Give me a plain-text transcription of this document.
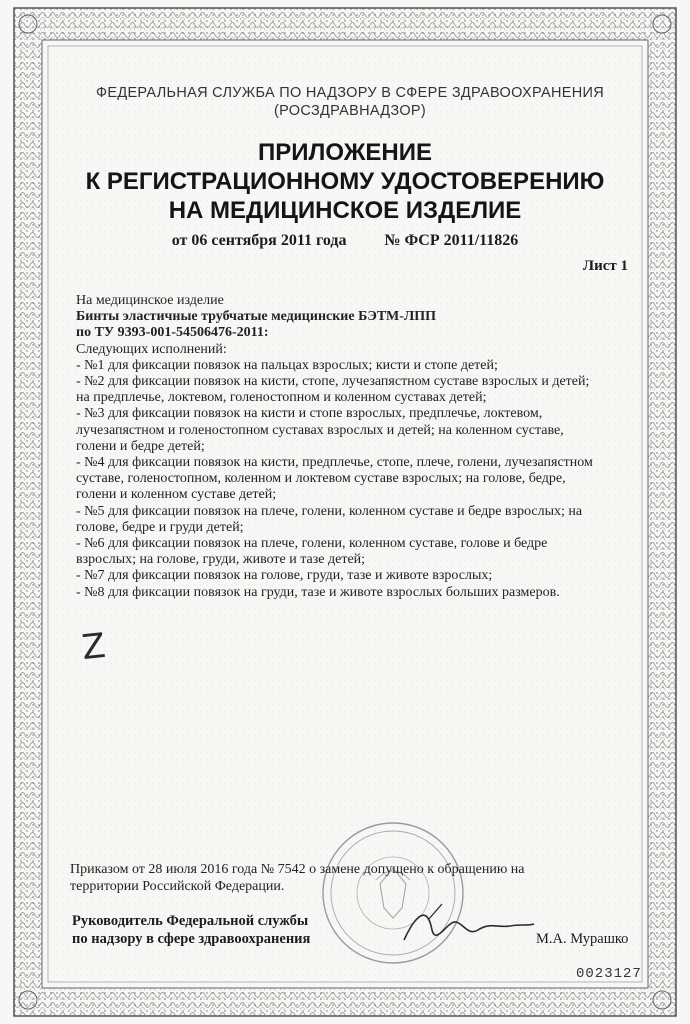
ФЕДЕРАЛЬНАЯ СЛУЖБА ПО НАДЗОРУ В СФЕРЕ ЗДРАВООХРАНЕНИЯ
(РОСЗДРАВНАДЗОР)
ПРИЛОЖЕНИЕ
К РЕГИСТРАЦИОННОМУ УДОСТОВЕРЕНИЮ
НА МЕДИЦИНСКОЕ ИЗДЕЛИЕ
от 06 сентября 2011 года № ФСР 2011/11826
Лист 1
На медицинское изделие
Бинты эластичные трубчатые медицинские БЭТМ-ЛПП
по ТУ 9393-001-54506476-2011:
Следующих исполнений:
- №1 для фиксации повязок на пальцах взрослых; кисти и стопе детей;
- №2 для фиксации повязок на кисти, стопе, лучезапястном суставе взрослых и детей;
на предплечье, локтевом, голеностопном и коленном суставах детей;
- №3 для фиксации повязок на кисти и стопе взрослых, предплечье, локтевом,
лучезапястном и голеностопном суставах взрослых и детей; на коленном суставе,
голени и бедре детей;
- №4 для фиксации повязок на кисти, предплечье, стопе, плече, голени, лучезапястном
суставе, голеностопном, коленном и локтевом суставе взрослых; на голове, бедре,
голени и коленном суставе детей;
- №5 для фиксации повязок на плече, голени, коленном суставе и бедре взрослых; на
голове, бедре и груди детей;
- №6 для фиксации повязок на плече, голени, коленном суставе, голове и бедре
взрослых; на голове, груди, животе и тазе детей;
- №7 для фиксации повязок на голове, груди, тазе и животе взрослых;
- №8 для фиксации повязок на груди, тазе и животе взрослых больших размеров.
Z
Приказом от 28 июля 2016 года № 7542 о замене допущено к обращению на
территории Российской Федерации.
Руководитель Федеральной службы
по надзору в сфере здравоохранения	М.А. Мурашко
0023127
